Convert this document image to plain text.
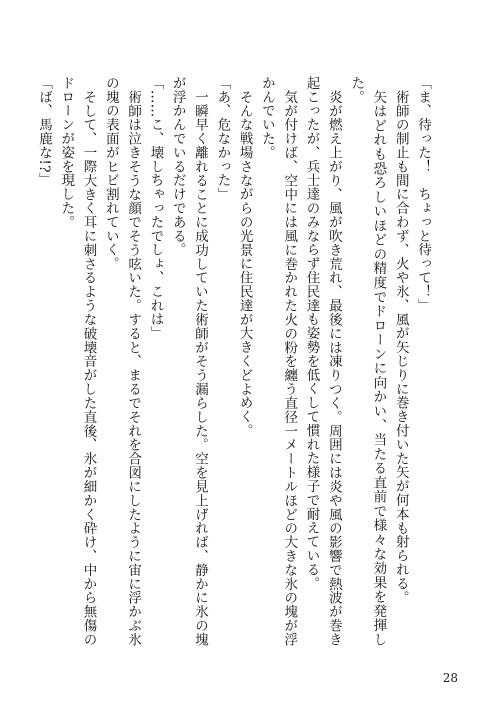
「ま、待った！　ちょっと待って！」

術師の制止も間に合わず、火や氷、風が矢じりに巻き付いた矢が何本も射られる。

矢はどれも恐ろしいほどの精度でドローンに向かい、当たる直前で様々な効果を発揮した。

炎が燃え上がり、風が吹き荒れ、最後には凍りつく。周囲には炎や風の影響で熱波が巻き起こったが、兵士達のみならず住民達も姿勢を低くして慣れた様子で耐えている。

気が付けば、空中には風に巻かれた火の粉を纏う直径一メートルほどの大きな氷の塊が浮かんでいた。

そんな戦場さながらの光景に住民達が大きくどよめく。

「あ、危なかった」

一瞬早く離れることに成功していた術師がそう漏らした。空を見上げれば、静かに氷の塊が浮かんでいるだけである。

「……こ、壊しちゃったでしょ、これは」

術師は泣きそうな顔でそう呟いた。すると、まるでそれを合図にしたように宙に浮かぶ氷の塊の表面がヒビ割れていく。

そして、一際大きく耳に刺さるような破壊音がした直後、氷が細かく砕け、中から無傷のドローンが姿を現した。

「ば、馬鹿な!?」

28
